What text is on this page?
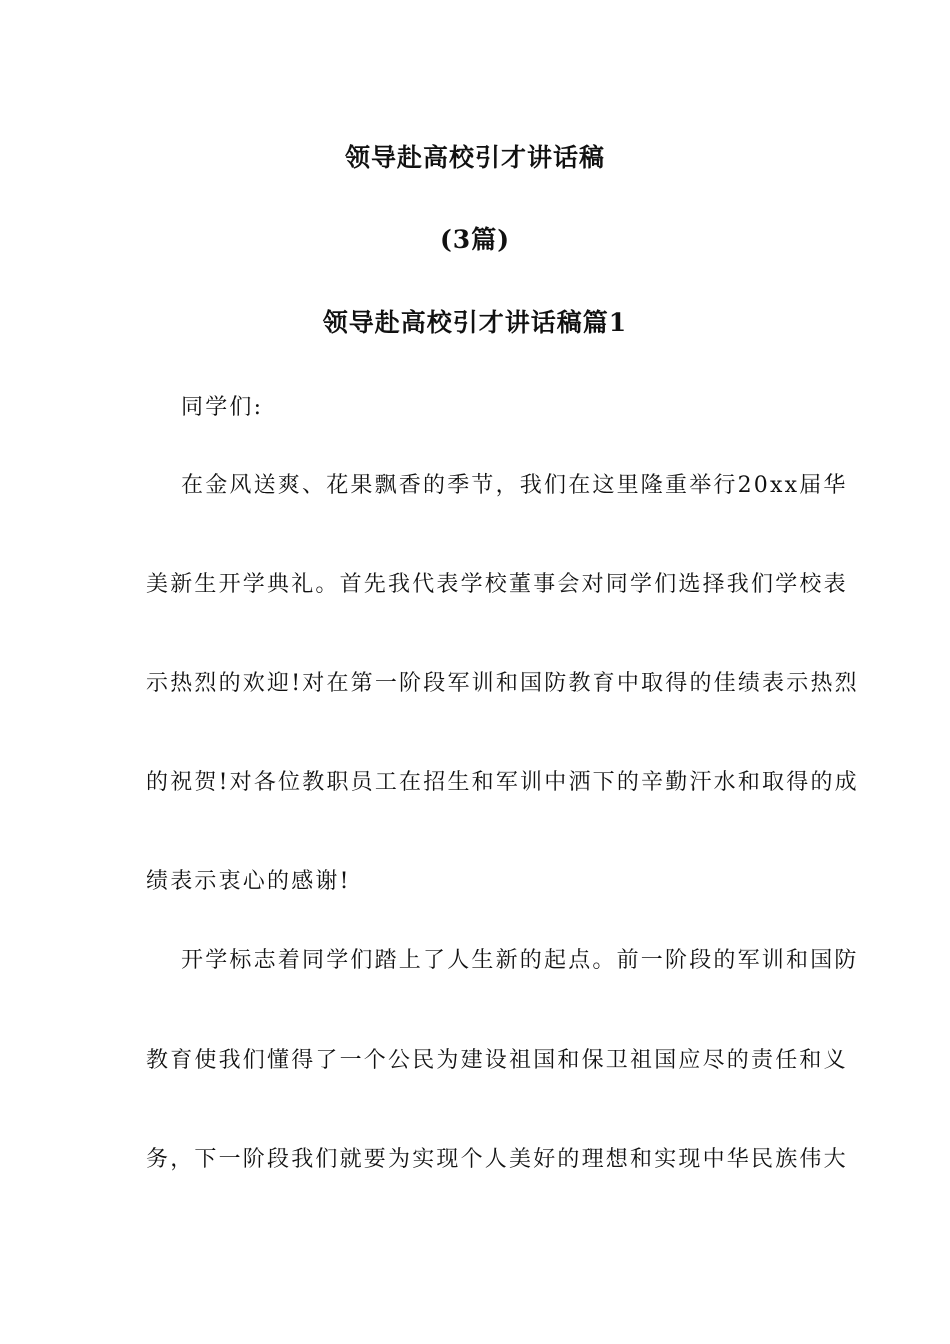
领导赴高校引才讲话稿
(3篇)
领导赴高校引才讲话稿篇1
同学们:
在金风送爽、花果飘香的季节，我们在这里隆重举行20xx届华
美新生开学典礼。首先我代表学校董事会对同学们选择我们学校表
示热烈的欢迎!对在第一阶段军训和国防教育中取得的佳绩表示热烈
的祝贺!对各位教职员工在招生和军训中洒下的辛勤汗水和取得的成
绩表示衷心的感谢!
开学标志着同学们踏上了人生新的起点。前一阶段的军训和国防
教育使我们懂得了一个公民为建设祖国和保卫祖国应尽的责任和义
务，下一阶段我们就要为实现个人美好的理想和实现中华民族伟大
